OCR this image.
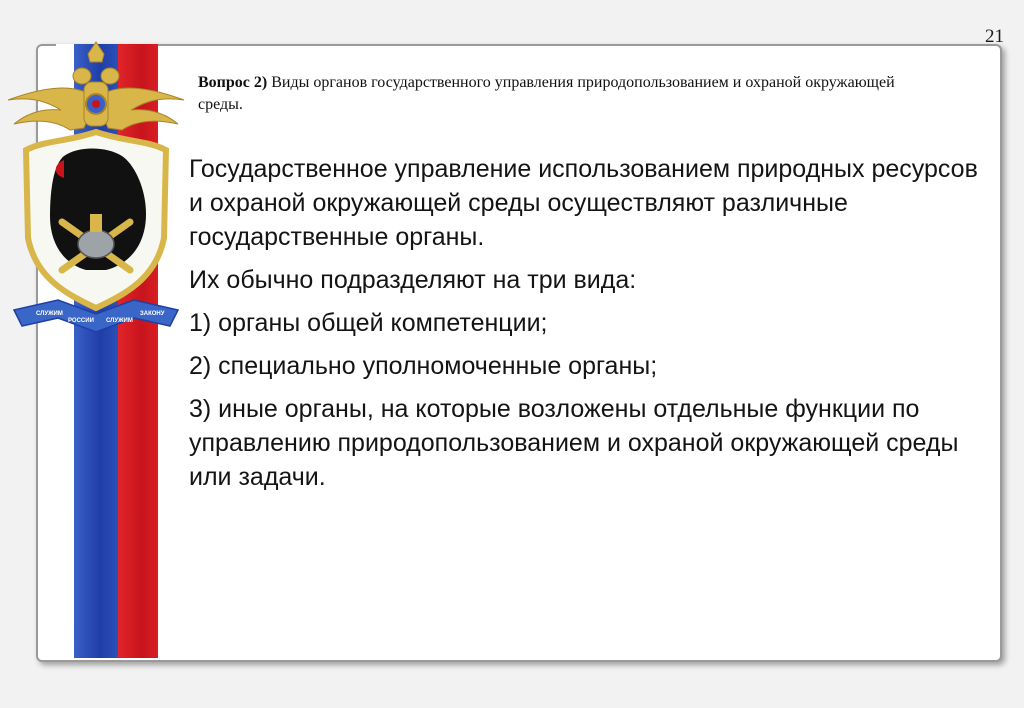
СЛУЖИМ
РОССИИ СЛУЖИМ
ЗАКОНУ
21
Вопрос 2) Виды органов государственного управления природопользованием и охраной окружающей среды.

Государственное управление использованием природных ресурсов и охраной окружающей среды осуществляют различные государственные органы.

Их обычно подразделяют на три вида:

1) органы общей компетенции;

2) специально уполномоченные органы;

3) иные органы, на которые возложены отдельные функции по управлению природопользованием и охраной окружающей среды или задачи.
